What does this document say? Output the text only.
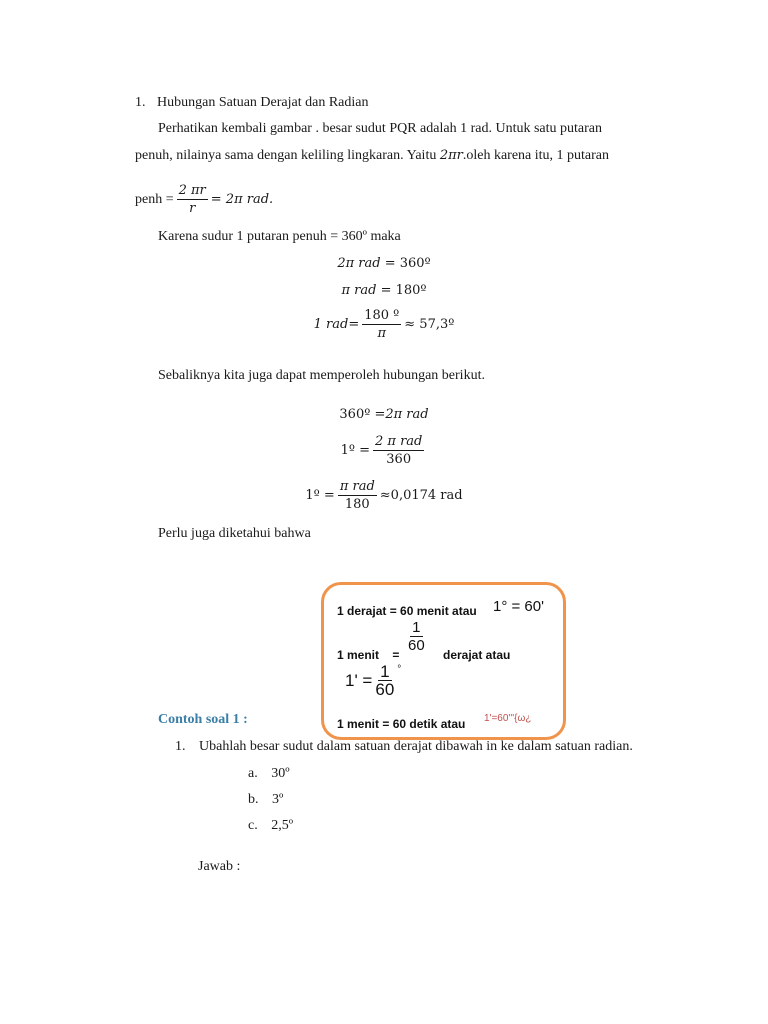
1. Hubungan Satuan Derajat dan Radian
Perhatikan kembali gambar . besar sudut PQR adalah 1 rad. Untuk satu putaran
penuh, nilainya sama dengan keliling lingkaran. Yaitu 2πr.oleh karena itu, 1 putaran
penh = $\frac{2 \pi r}{r} = 2\pi$ rad.
Karena sudur 1 putaran penuh = 360º maka
2π rad
= 360º
π rad
= 180º
1 rad = $\frac{\text{180 º}}{\pi}$ ≈ 57,3º
Sebaliknya kita juga dapat memperoleh hubungan berikut.
360º = 2π rad
1º = $\frac{\text{2 π rad}}{360}$
1º = $\frac{\text{π rad}}{180} \approx 0,0174$ rad
Perlu juga diketahui bahwa
1 derajat = 60 menit atau 1° = 60'
$\frac{1}{60}$
1 menit =	derajat atau
$1' = \frac{1}{60}$ °
1 menit = 60 detik atau 1'=60'''{ω¿
Contoh soal 1 :
1. Ubahlah besar sudut dalam satuan derajat dibawah in ke dalam satuan radian.
a. 30º
b. 3º
c. 2,5º
Jawab :
